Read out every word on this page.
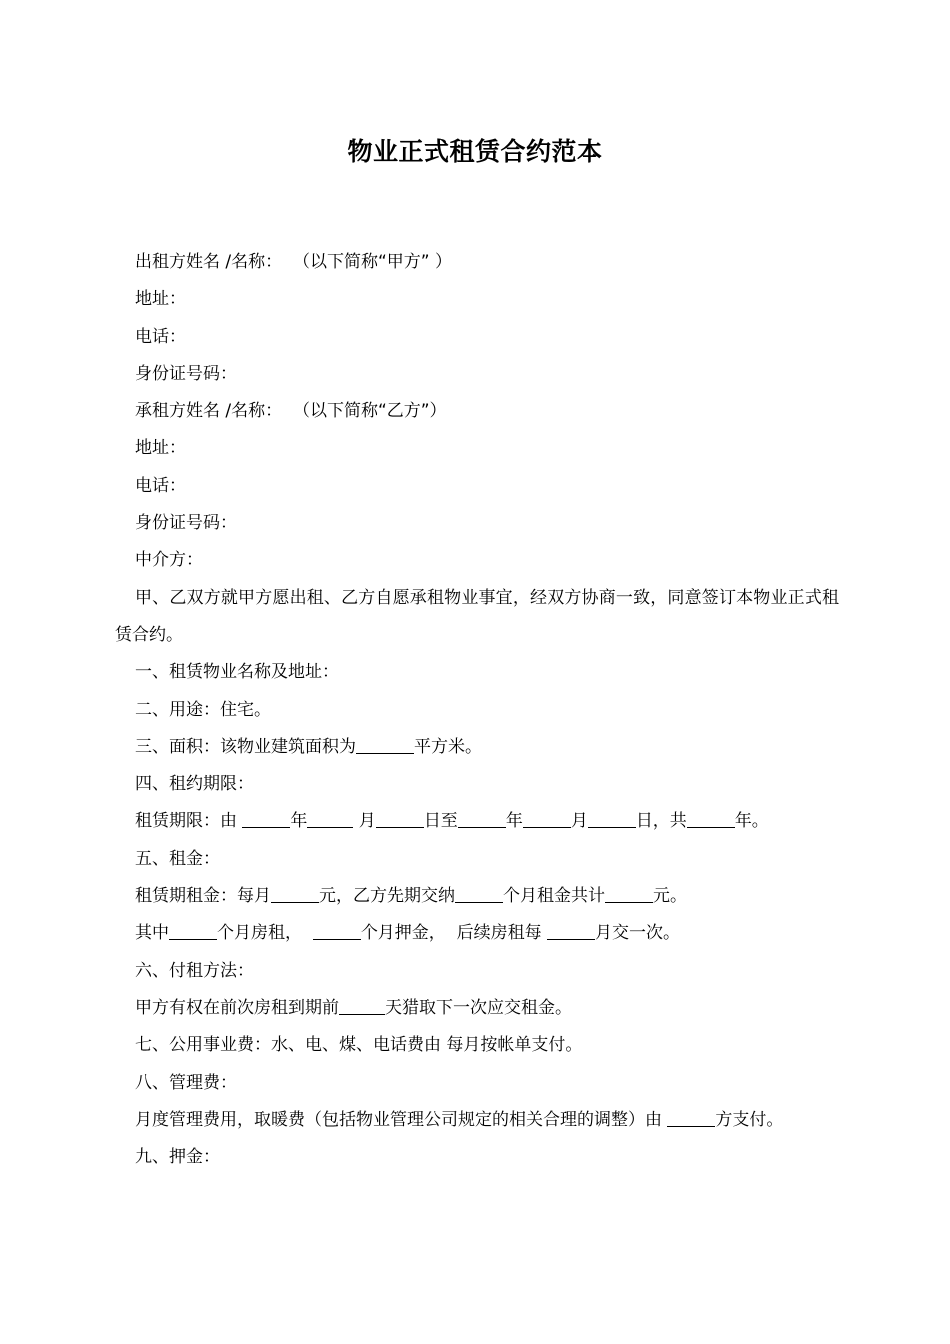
物业正式租赁合约范本
出租方姓名 /名称：  （以下简称“甲方” ）
地址：
电话：
身份证号码：
承租方姓名 /名称：  （以下简称“乙方”）
地址：
电话：
身份证号码：
中介方：
甲、乙双方就甲方愿出租、乙方自愿承租物业事宜，经双方协商一致，同意签订本物业正式租赁合约。
一、租赁物业名称及地址：
二、用途：住宅。
三、面积：该物业建筑面积为	平方米。
四、租约期限：
租赁期限：由	年	月	日至	年	月	日，共	年。
五、租金：
租赁期租金：每月	元，乙方先期交纳	个月租金共计	元。
其中	个月房租，	个月押金，  后续房租每	月交一次。
六、付租方法：
甲方有权在前次房租到期前	天猎取下一次应交租金。
七、公用事业费：水、电、煤、电话费由 每月按帐单支付。
八、管理费：
月度管理费用，取暖费（包括物业管理公司规定的相关合理的调整）由	方支付。
九、押金：
